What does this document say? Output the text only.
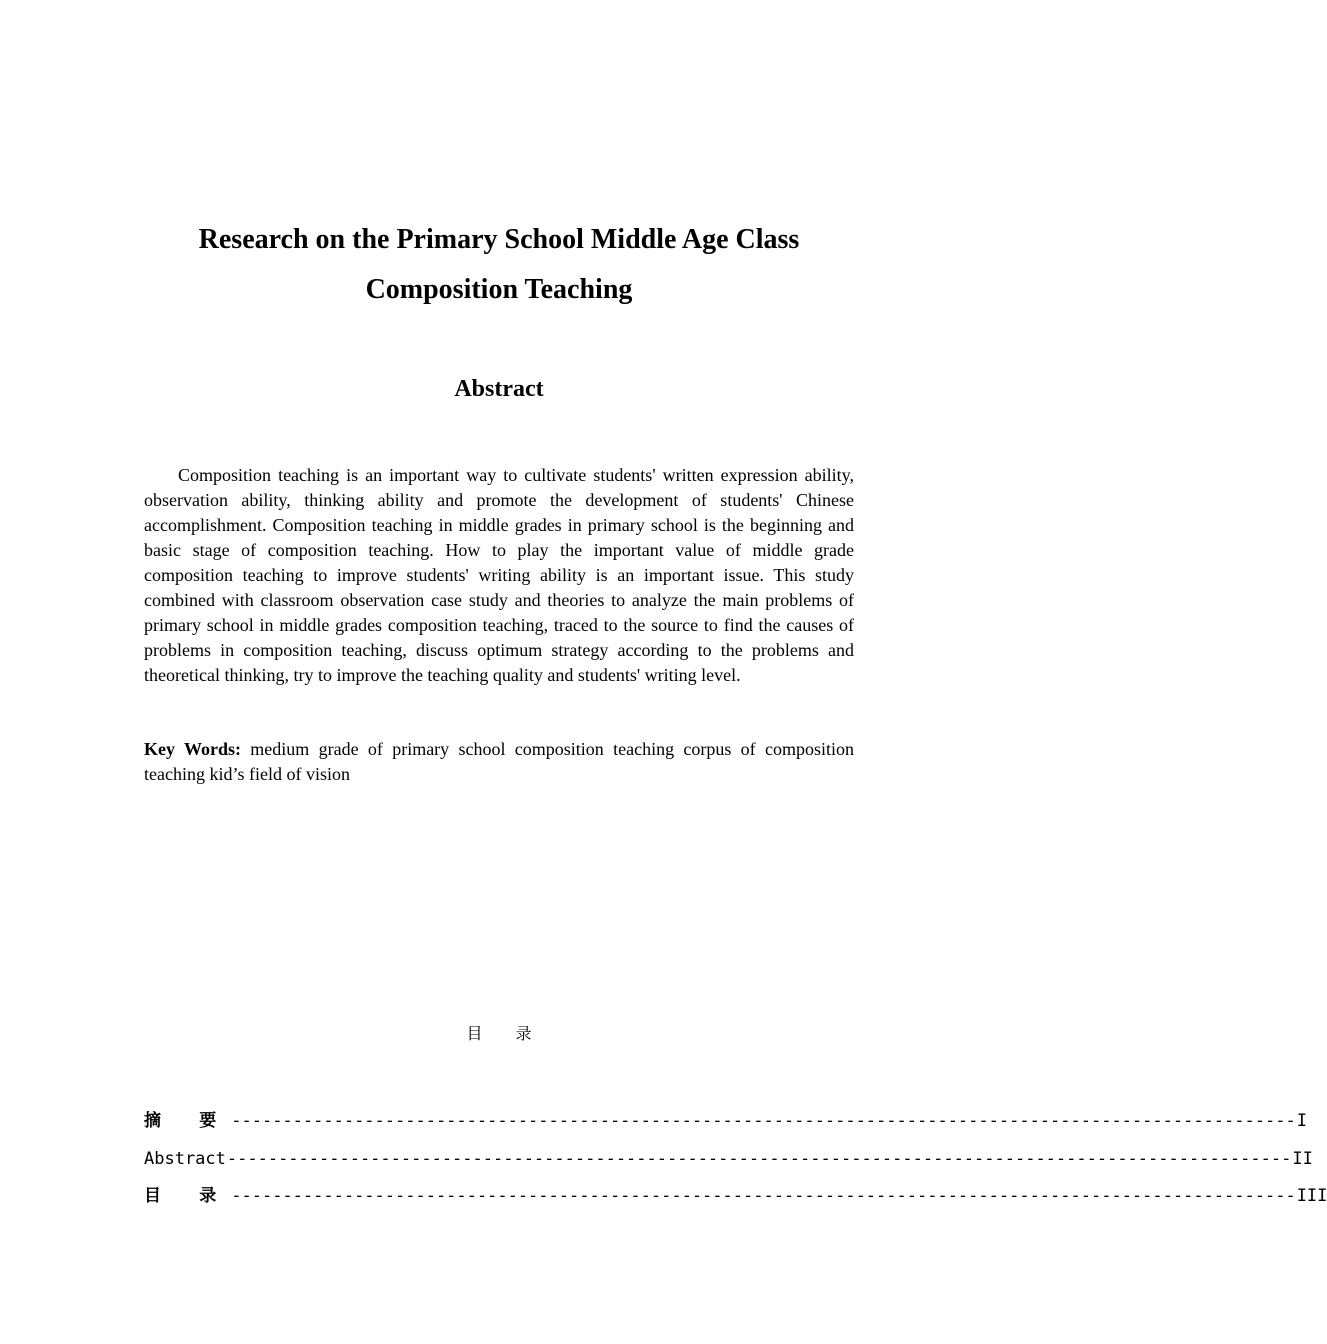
Research on the Primary School Middle Age Class
Composition Teaching
Abstract

Composition teaching is an important way to cultivate students' written expression ability, observation ability, thinking ability and promote the development of students' Chinese accomplishment. Composition teaching in middle grades in primary school is the beginning and basic stage of composition teaching. How to play the important value of middle grade composition teaching to improve students' writing ability is an important issue. This study combined with classroom observation case study and theories to analyze the main problems of primary school in middle grades composition teaching, traced to the source to find the causes of problems in composition teaching, discuss optimum strategy according to the problems and theoretical thinking, try to improve the teaching quality and students' writing level.

Key Words: medium grade of primary school composition teaching corpus of composition teaching kid’s field of vision

目 录
摘 要 -------------------------------------------------------------------------------------------------------- I
Abstract -------------------------------------------------------------------------------------------------------- II
目 录 -------------------------------------------------------------------------------------------------------- III
